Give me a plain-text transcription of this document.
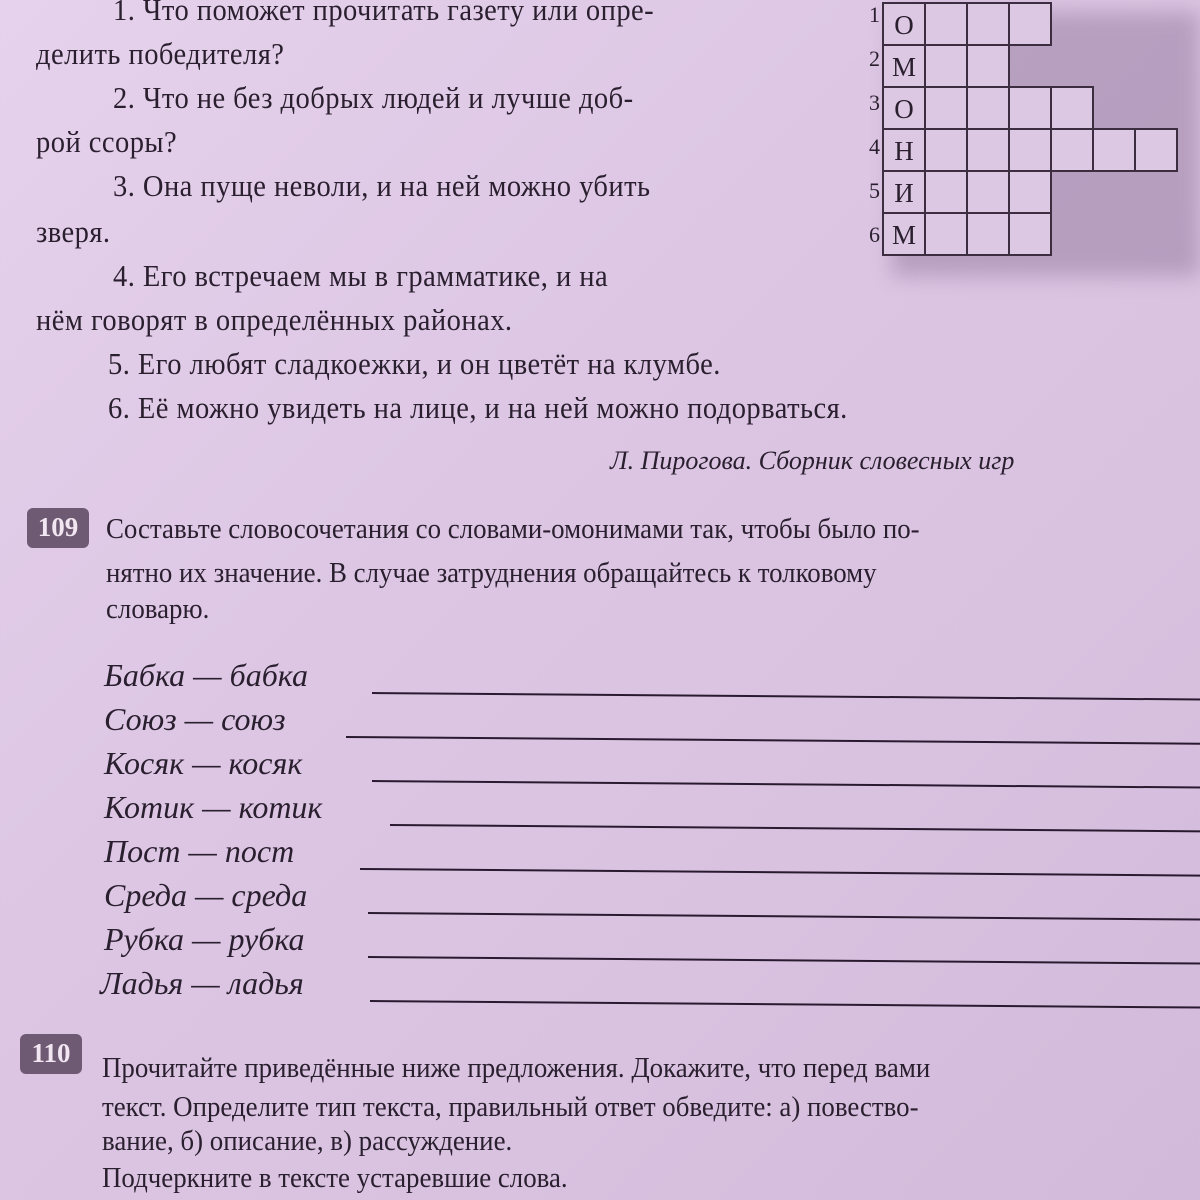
1. Что поможет прочитать газету или опре-
делить победителя?
2. Что не без добрых людей и лучше доб-
рой ссоры?
3. Она пуще неволи, и на ней можно убить
зверя.
4. Его встречаем мы в грамматике, и на
нём говорят в определённых районах.
5. Его любят сладкоежки, и он цветёт на клумбе.
6. Её можно увидеть на лице, и на ней можно подорваться.
Л. Пирогова. Сборник словесных игр
1 О
2 М
3 О
4 Н
5 И
6 М
109 Составьте словосочетания со словами-омонимами так, чтобы было по-
нятно их значение. В случае затруднения обращайтесь к толковому
словарю.
Бабка — бабка
Союз — союз
Косяк — косяк
Котик — котик
Пост — пост
Среда — среда
Рубка — рубка
Ладья — ладья
110	Прочитайте приведённые ниже предложения. Докажите, что перед вами
текст. Определите тип текста, правильный ответ обведите: а) повество-
вание, б) описание, в) рассуждение.
Подчеркните в тексте устаревшие слова.
